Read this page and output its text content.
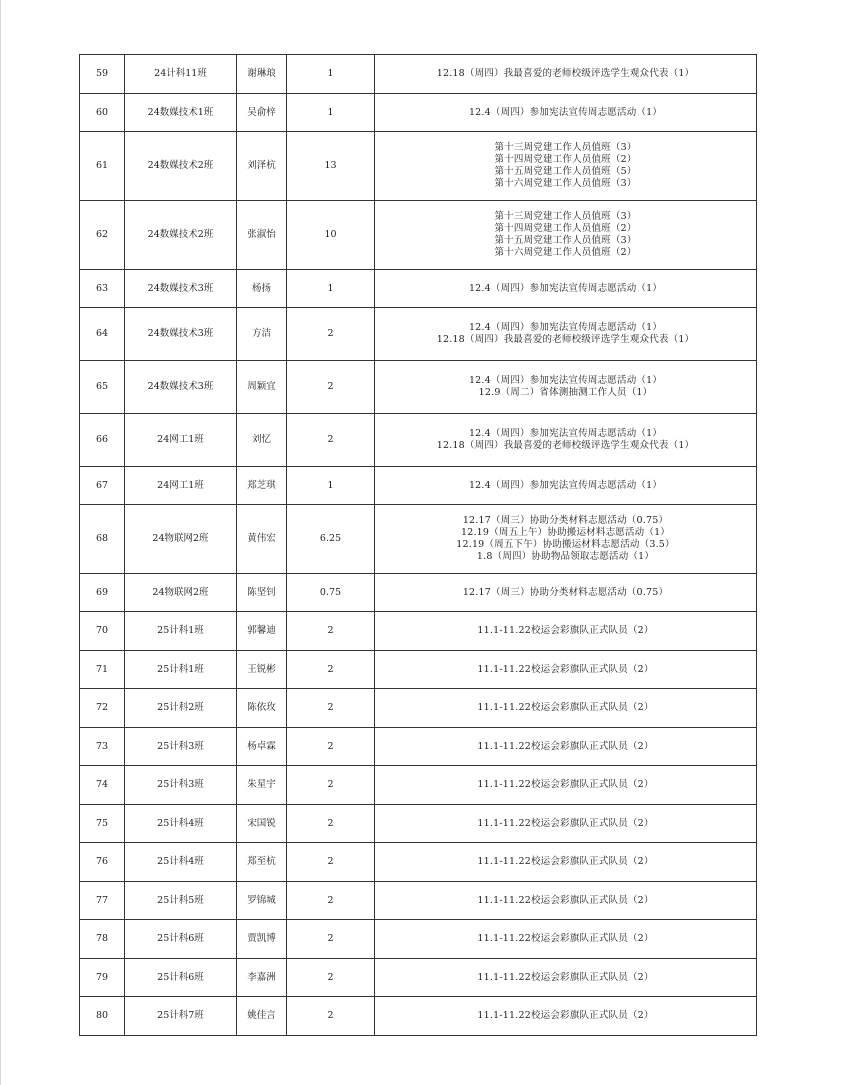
59	24计科11班	谢琳琅	1	12.18（周四）我最喜爱的老师校级评选学生观众代表（1）

60	24数媒技术1班	吴俞梓	1	12.4（周四）参加宪法宣传周志愿活动（1）

61	24数媒技术2班	刘泽杭	13	第十三周党建工作人员值班（3）
第十四周党建工作人员值班（2）
第十五周党建工作人员值班（5）
第十六周党建工作人员值班（3）

62	24数媒技术2班	张淑怡	10	第十三周党建工作人员值班（3）
第十四周党建工作人员值班（2）
第十五周党建工作人员值班（3）
第十六周党建工作人员值班（2）

63	24数媒技术3班	杨扬	1	12.4（周四）参加宪法宣传周志愿活动（1）

64	24数媒技术3班	方洁	2	12.4（周四）参加宪法宣传周志愿活动（1）
12.18（周四）我最喜爱的老师校级评选学生观众代表（1）

65	24数媒技术3班	周颖宜	2	12.4（周四）参加宪法宣传周志愿活动（1）
12.9（周二）省体测抽测工作人员（1）

66	24网工1班	刘忆	2	12.4（周四）参加宪法宣传周志愿活动（1）
12.18（周四）我最喜爱的老师校级评选学生观众代表（1）

67	24网工1班	郑芝琪	1	12.4（周四）参加宪法宣传周志愿活动（1）

68	24物联网2班	黄伟宏	6.25	12.17（周三）协助分类材料志愿活动（0.75）
12.19（周五上午）协助搬运材料志愿活动（1）
12.19（周五下午）协助搬运材料志愿活动（3.5）
1.8（周四）协助物品领取志愿活动（1）

69	24物联网2班	陈坚钊	0.75	12.17（周三）协助分类材料志愿活动（0.75）

70	25计科1班	郭馨迪	2	11.1-11.22校运会彩旗队正式队员（2）

71	25计科1班	王锐彬	2	11.1-11.22校运会彩旗队正式队员（2）

72	25计科2班	陈依玫	2	11.1-11.22校运会彩旗队正式队员（2）

73	25计科3班	杨卓霖	2	11.1-11.22校运会彩旗队正式队员（2）

74	25计科3班	朱星宇	2	11.1-11.22校运会彩旗队正式队员（2）

75	25计科4班	宋国锐	2	11.1-11.22校运会彩旗队正式队员（2）

76	25计科4班	郑至杭	2	11.1-11.22校运会彩旗队正式队员（2）

77	25计科5班	罗锦城	2	11.1-11.22校运会彩旗队正式队员（2）

78	25计科6班	贾凯博	2	11.1-11.22校运会彩旗队正式队员（2）

79	25计科6班	李嘉洲	2	11.1-11.22校运会彩旗队正式队员（2）

80	25计科7班	姚佳言	2	11.1-11.22校运会彩旗队正式队员（2）
